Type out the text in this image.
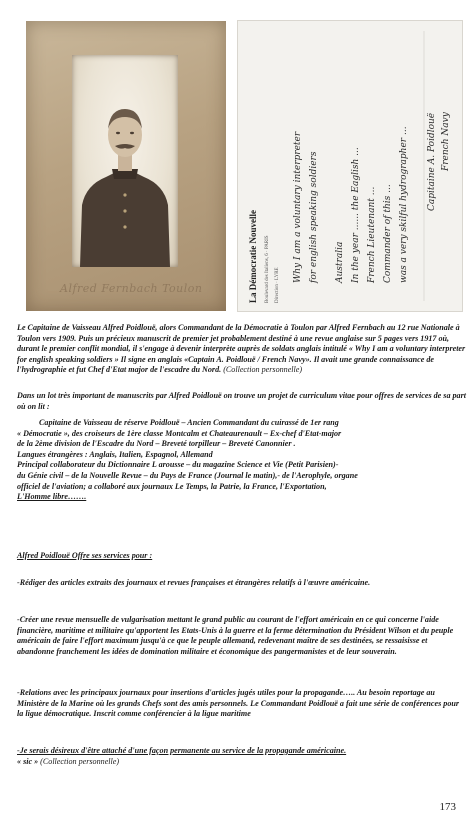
Alfred Fernbach Toulon	La Démocratie Nouvelle Boulevard des Italiens, 6 · PARIS Direction · LYRE
Why I am a voluntary interpreter for english speaking soldiers Australia In the year ...... the Eaglish ... French Lieutenant ... Commander of this ... was a very skilful hydrographer ... Capitaine A. Poidlouë French Navy

Le Capitaine de Vaisseau Alfred Poidlouë, alors Commandant de la Démocratie à Toulon par Alfred Fernbach au 12 rue Nationale à Toulon vers 1909. Puis un précieux manuscrit de premier jet probablement destiné à une revue anglaise sur 5 pages vers 1917 où, durant le premier conflit mondial, il s'engage à devenir interprète auprès de soldats anglais intitulé « Why I am a voluntary interpreter for english speaking soldiers » Il signe en anglais «Captain A. Poidlouë / French Navy». Il avait une grande connaissance de l'hydrographie et fut Chef d'Etat major de l'escadre du Nord. (Collection personnelle)

Dans un lot très important de manuscrits par Alfred Poidlouë on trouve un projet de curriculum vitae pour offres de services de sa part où on lit :

Capitaine de Vaisseau de réserve Poidlouë – Ancien Commandant du cuirassé de 1er rang

« Démocratie », des croiseurs de 1ère classe Montcalm et Chateaurenault – Ex-chef d'Etat-major

de la 2ème division de l'Escadre du Nord – Breveté torpilleur – Breveté Canonnier .

Langues étrangères : Anglais, Italien, Espagnol, Allemand

Principal collaborateur du Dictionnaire L arousse – du magazine Science et Vie (Petit Parisien)-

du Génie civil – de la Nouvelle Revue – du Pays de France (Journal le matin),- de l'Aerophyle, organe

officiel de l'aviation; a collaboré aux journaux Le Temps, la Patrie, la France, l'Exportation,

L'Homme libre…….

Alfred Poidlouë Offre ses services pour :
-Rédiger des articles extraits des journaux et revues françaises et étrangères relatifs à l'œuvre américaine.
-Créer une revue mensuelle de vulgarisation mettant le grand public au courant de l'effort américain en ce qui concerne l'aide financière, maritime et militaire qu'apportent les Etats-Unis à la guerre et la ferme détermination du Président Wilson et du peuple américain de faire l'effort maximum jusqu'à ce que le peuple allemand, redevenant maître de ses destinées, se ressaisisse et abandonne franchement les idées de domination militaire et économique des pangermanistes et de leur souverain.
-Relations avec les principaux journaux pour insertions d'articles jugés utiles pour la propagande….. Au besoin reportage au Ministère de la Marine où les grands Chefs sont des amis personnels. Le Commandant Poidlouë a fait une série de conférences pour la ligue démocratique. Inscrit comme conférencier à la ligue maritime

-Je serais désireux d'être attaché d'une façon permanente au service de la propagande américaine.

« sic » (Collection personnelle)

173
